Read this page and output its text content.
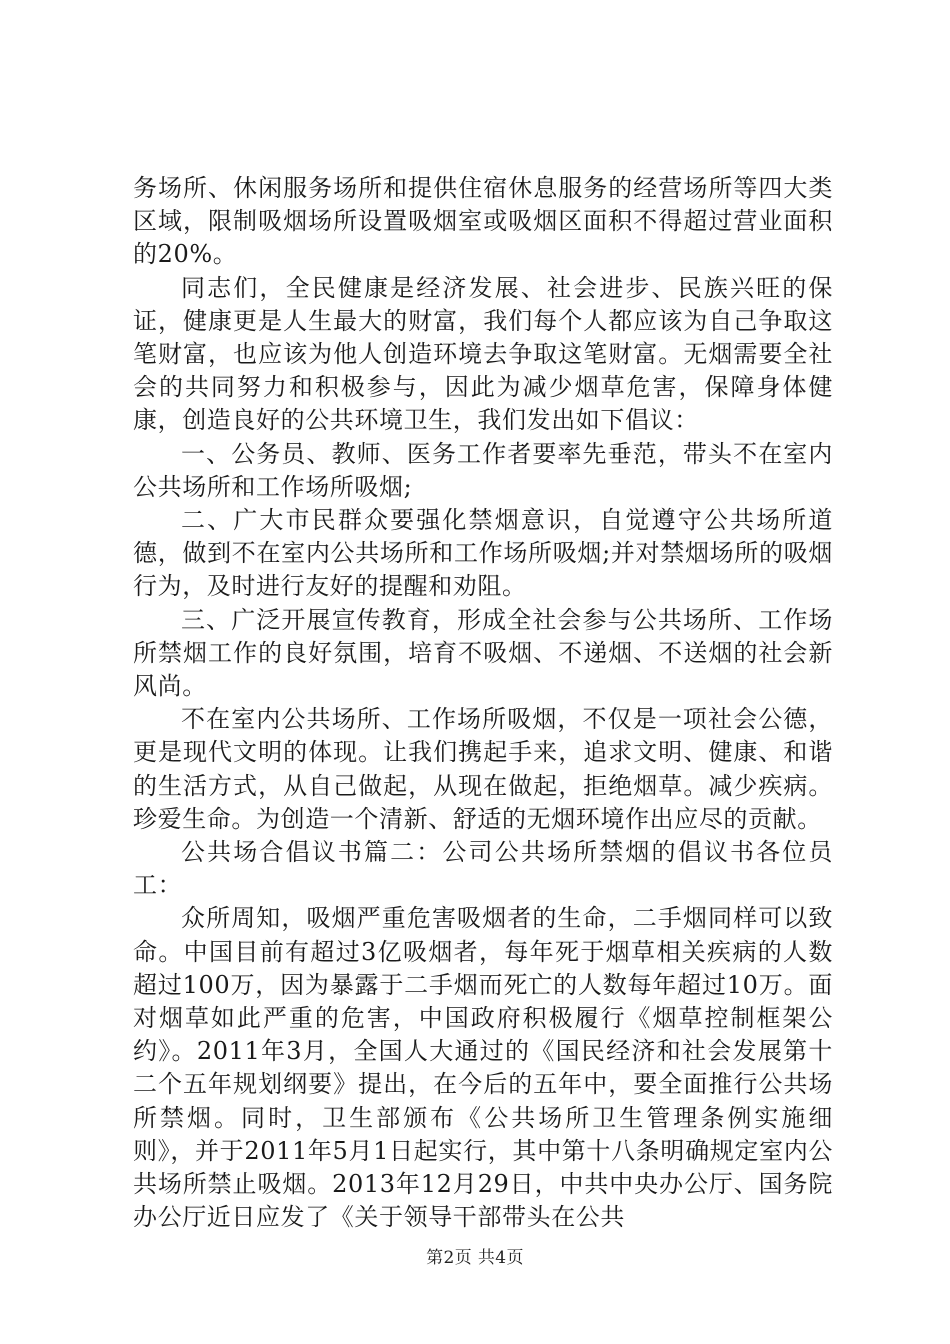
务场所、休闲服务场所和提供住宿休息服务的经营场所等四大类区域，限制吸烟场所设置吸烟室或吸烟区面积不得超过营业面积的20%。

同志们，全民健康是经济发展、社会进步、民族兴旺的保证，健康更是人生最大的财富，我们每个人都应该为自己争取这笔财富，也应该为他人创造环境去争取这笔财富。无烟需要全社会的共同努力和积极参与，因此为减少烟草危害，保障身体健康，创造良好的公共环境卫生，我们发出如下倡议：

一、公务员、教师、医务工作者要率先垂范，带头不在室内公共场所和工作场所吸烟;

二、广大市民群众要强化禁烟意识，自觉遵守公共场所道德，做到不在室内公共场所和工作场所吸烟;并对禁烟场所的吸烟行为，及时进行友好的提醒和劝阻。

三、广泛开展宣传教育，形成全社会参与公共场所、工作场所禁烟工作的良好氛围，培育不吸烟、不递烟、不送烟的社会新风尚。

不在室内公共场所、工作场所吸烟，不仅是一项社会公德，更是现代文明的体现。让我们携起手来，追求文明、健康、和谐的生活方式，从自己做起，从现在做起，拒绝烟草。减少疾病。珍爱生命。为创造一个清新、舒适的无烟环境作出应尽的贡献。

公共场合倡议书篇二：公司公共场所禁烟的倡议书各位员工：

众所周知，吸烟严重危害吸烟者的生命，二手烟同样可以致命。中国目前有超过3亿吸烟者，每年死于烟草相关疾病的人数超过100万，因为暴露于二手烟而死亡的人数每年超过10万。面对烟草如此严重的危害，中国政府积极履行《烟草控制框架公约》。2011年3月，全国人大通过的《国民经济和社会发展第十二个五年规划纲要》提出，在今后的五年中，要全面推行公共场所禁烟。同时，卫生部颁布《公共场所卫生管理条例实施细则》，并于2011年5月1日起实行，其中第十八条明确规定室内公共场所禁止吸烟。2013年12月29日，中共中央办公厅、国务院办公厅近日应发了《关于领导干部带头在公共

第2页 共4页
